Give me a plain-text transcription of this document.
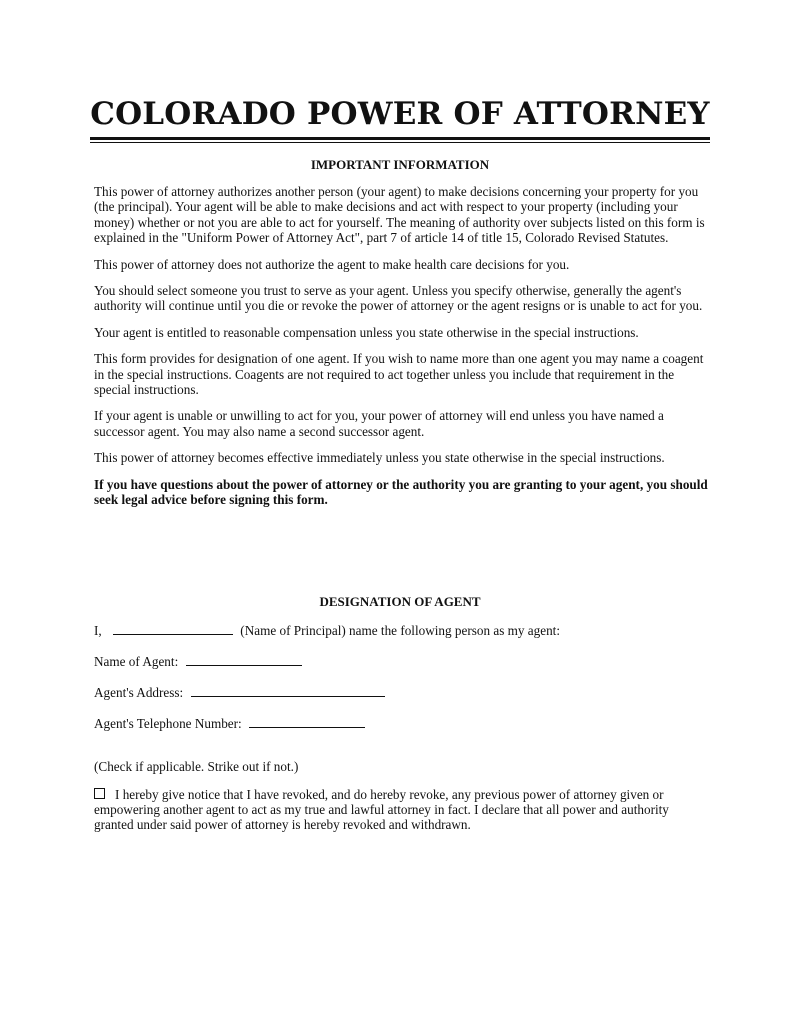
COLORADO POWER OF ATTORNEY
IMPORTANT INFORMATION

This power of attorney authorizes another person (your agent) to make decisions concerning your property for you (the principal). Your agent will be able to make decisions and act with respect to your property (including your money) whether or not you are able to act for yourself. The meaning of authority over subjects listed on this form is explained in the "Uniform Power of Attorney Act", part 7 of article 14 of title 15, Colorado Revised Statutes.

This power of attorney does not authorize the agent to make health care decisions for you.

You should select someone you trust to serve as your agent. Unless you specify otherwise, generally the agent's authority will continue until you die or revoke the power of attorney or the agent resigns or is unable to act for you.

Your agent is entitled to reasonable compensation unless you state otherwise in the special instructions.

This form provides for designation of one agent. If you wish to name more than one agent you may name a coagent in the special instructions. Coagents are not required to act together unless you include that requirement in the special instructions.

If your agent is unable or unwilling to act for you, your power of attorney will end unless you have named a successor agent. You may also name a second successor agent.

This power of attorney becomes effective immediately unless you state otherwise in the special instructions.

If you have questions about the power of attorney or the authority you are granting to your agent, you should seek legal advice before signing this form.

DESIGNATION OF AGENT
I,	(Name of Principal) name the following person as my agent:
Name of Agent:
Agent's Address:
Agent's Telephone Number:
(Check if applicable. Strike out if not.)
I hereby give notice that I have revoked, and do hereby revoke, any previous power of attorney given or empowering another agent to act as my true and lawful attorney in fact. I declare that all power and authority granted under said power of attorney is hereby revoked and withdrawn.
